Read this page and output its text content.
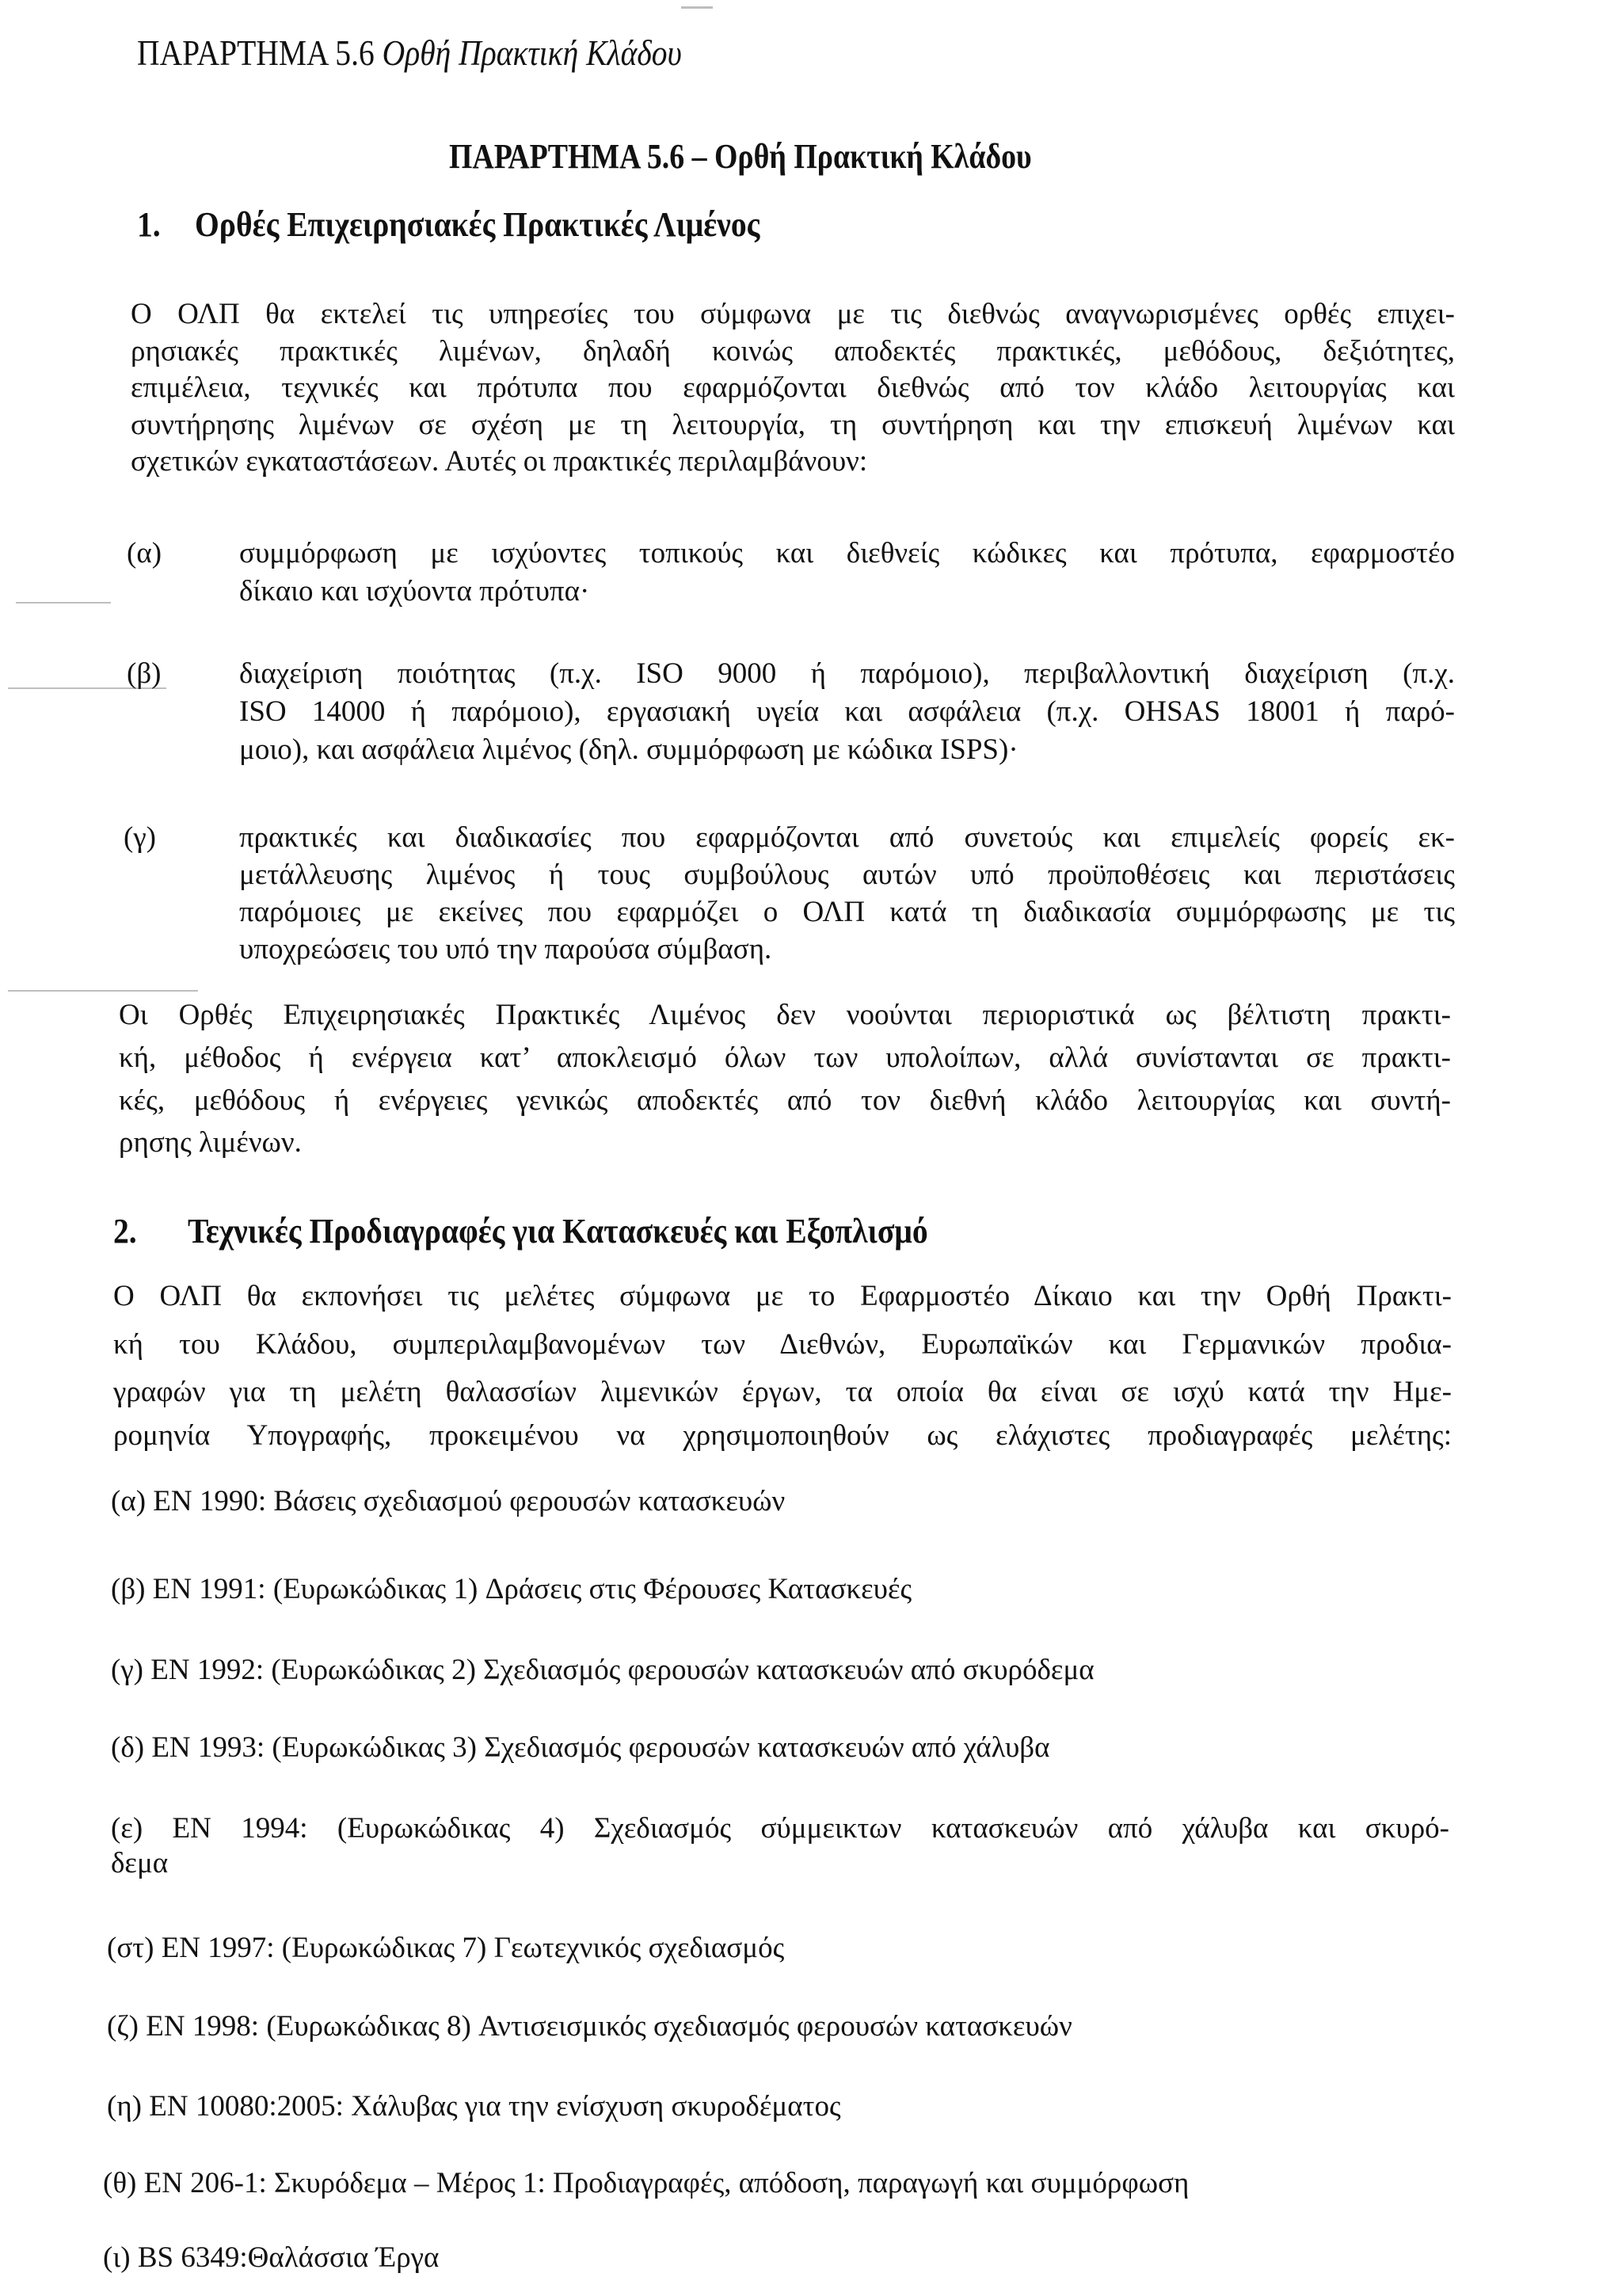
ΠΑΡΑΡΤΗΜΑ 5.6 Ορθή Πρακτική Κλάδου
ΠΑΡΑΡΤΗΜΑ 5.6 – Ορθή Πρακτική Κλάδου
1. Ορθές Επιχειρησιακές Πρακτικές Λιμένος
Ο ΟΛΠ θα εκτελεί τις υπηρεσίες του σύμφωνα με τις διεθνώς αναγνωρισμένες ορθές επιχει-
ρησιακές πρακτικές λιμένων, δηλαδή κοινώς αποδεκτές πρακτικές, μεθόδους, δεξιότητες,
επιμέλεια, τεχνικές και πρότυπα που εφαρμόζονται διεθνώς από τον κλάδο λειτουργίας και
συντήρησης λιμένων σε σχέση με τη λειτουργία, τη συντήρηση και την επισκευή λιμένων και
σχετικών εγκαταστάσεων. Αυτές οι πρακτικές περιλαμβάνουν:
(α)	συμμόρφωση με ισχύοντες τοπικούς και διεθνείς κώδικες και πρότυπα, εφαρμοστέο
δίκαιο και ισχύοντα πρότυπα·
(β)	διαχείριση ποιότητας (π.χ. ISO 9000 ή παρόμοιο), περιβαλλοντική διαχείριση (π.χ.
ISO 14000 ή παρόμοιο), εργασιακή υγεία και ασφάλεια (π.χ. OHSAS 18001 ή παρό-
μοιο), και ασφάλεια λιμένος (δηλ. συμμόρφωση με κώδικα ISPS)·
(γ)	πρακτικές και διαδικασίες που εφαρμόζονται από συνετούς και επιμελείς φορείς εκ-
μετάλλευσης λιμένος ή τους συμβούλους αυτών υπό προϋποθέσεις και περιστάσεις
παρόμοιες με εκείνες που εφαρμόζει ο ΟΛΠ κατά τη διαδικασία συμμόρφωσης με τις
υποχρεώσεις του υπό την παρούσα σύμβαση.
Οι Ορθές Επιχειρησιακές Πρακτικές Λιμένος δεν νοούνται περιοριστικά ως βέλτιστη πρακτι-
κή, μέθοδος ή ενέργεια κατ’ αποκλεισμό όλων των υπολοίπων, αλλά συνίστανται σε πρακτι-
κές, μεθόδους ή ενέργειες γενικώς αποδεκτές από τον διεθνή κλάδο λειτουργίας και συντή-
ρησης λιμένων.
2. Τεχνικές Προδιαγραφές για Κατασκευές και Εξοπλισμό
Ο ΟΛΠ θα εκπονήσει τις μελέτες σύμφωνα με το Εφαρμοστέο Δίκαιο και την Ορθή Πρακτι-
κή του Κλάδου, συμπεριλαμβανομένων των Διεθνών, Ευρωπαϊκών και Γερμανικών προδια-
γραφών για τη μελέτη θαλασσίων λιμενικών έργων, τα οποία θα είναι σε ισχύ κατά την Ημε-
ρομηνία Υπογραφής, προκειμένου να χρησιμοποιηθούν ως ελάχιστες προδιαγραφές μελέτης:
(α) EN 1990: Βάσεις σχεδιασμού φερουσών κατασκευών
(β) EN 1991: (Ευρωκώδικας 1) Δράσεις στις Φέρουσες Κατασκευές
(γ) EN 1992: (Ευρωκώδικας 2) Σχεδιασμός φερουσών κατασκευών από σκυρόδεμα
(δ) EN 1993: (Ευρωκώδικας 3) Σχεδιασμός φερουσών κατασκευών από χάλυβα
(ε) EN 1994: (Ευρωκώδικας 4) Σχεδιασμός σύμμεικτων κατασκευών από χάλυβα και σκυρό-
δεμα
(στ) EN 1997: (Ευρωκώδικας 7) Γεωτεχνικός σχεδιασμός
(ζ) EN 1998: (Ευρωκώδικας 8) Αντισεισμικός σχεδιασμός φερουσών κατασκευών
(η) EN 10080:2005: Χάλυβας για την ενίσχυση σκυροδέματος
(θ) EN 206-1: Σκυρόδεμα – Μέρος 1: Προδιαγραφές, απόδοση, παραγωγή και συμμόρφωση
(ι) BS 6349:Θαλάσσια Έργα
